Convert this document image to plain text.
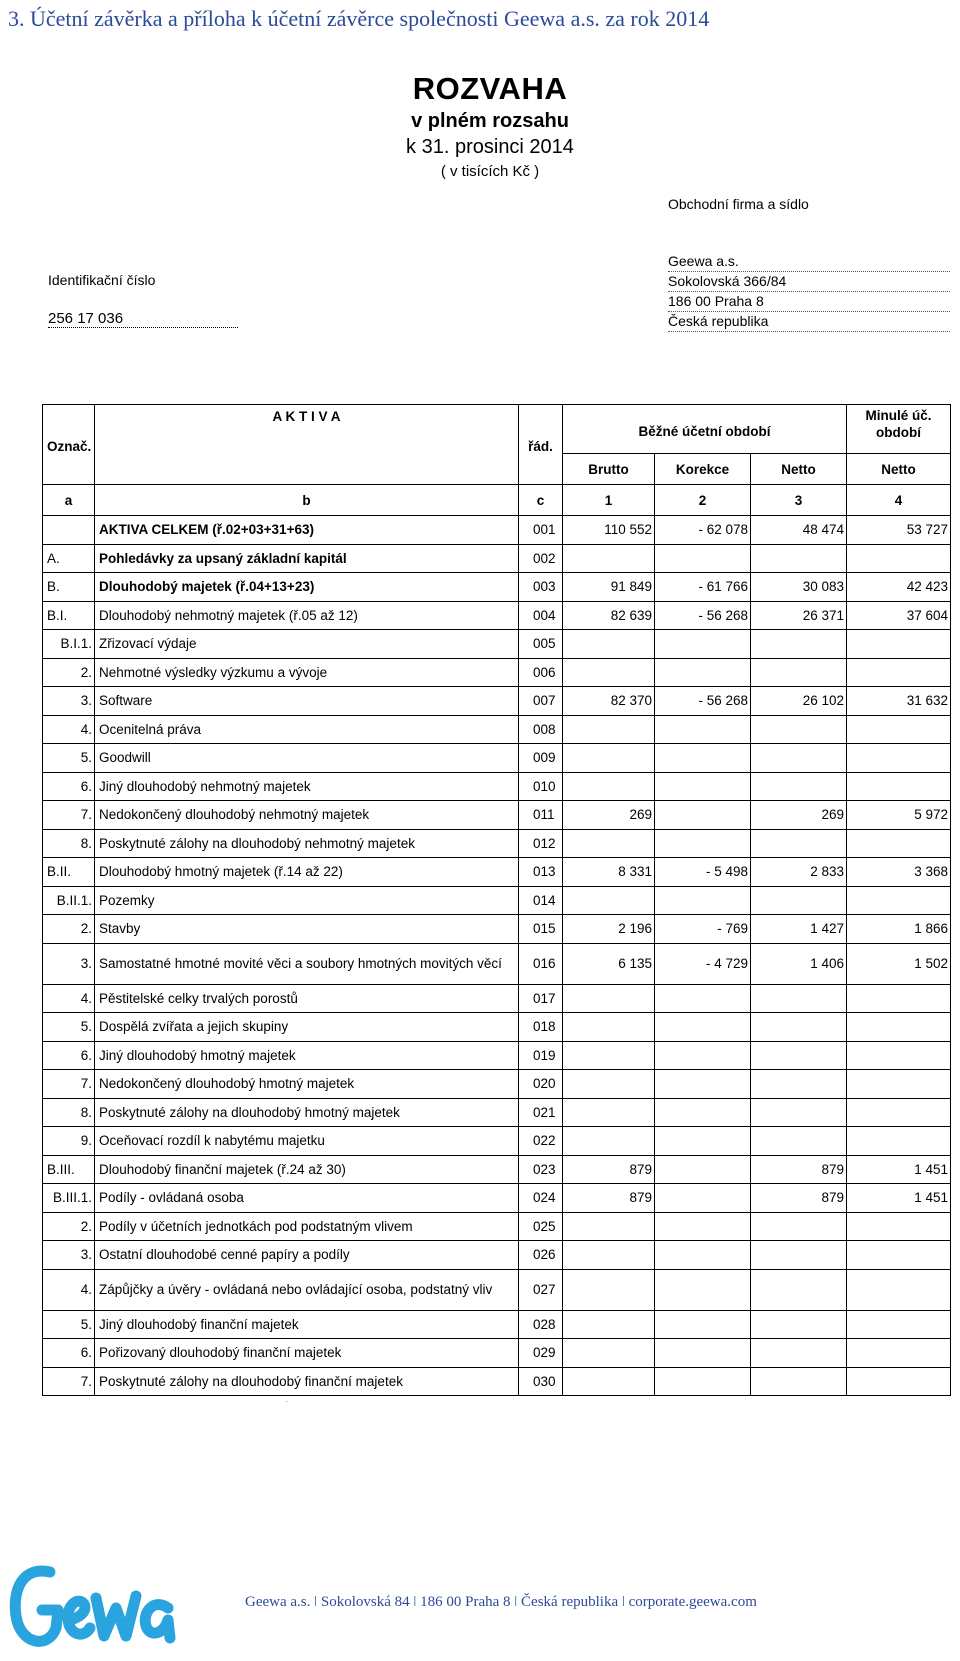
3. Účetní závěrka a příloha k účetní závěrce společnosti Geewa a.s. za rok 2014
ROZVAHA
v plném rozsahu
k 31. prosinci 2014
( v tisících Kč )
Obchodní firma a sídlo
Identifikační číslo
256 17 036
Geewa a.s.
Sokolovská 366/84
186 00 Praha 8
Česká republika
Označ.	A K T I V A	řád.	Běžné účetní období			Minulé úč. období
			Brutto	Korekce	Netto	Netto
a	b	c	1	2	3	4
	AKTIVA CELKEM (ř.02+03+31+63)	001	110 552	- 62 078	48 474	53 727
A.	Pohledávky za upsaný základní kapitál	002				
B.	Dlouhodobý majetek (ř.04+13+23)	003	91 849	- 61 766	30 083	42 423
B.I.	Dlouhodobý nehmotný majetek (ř.05 až 12)	004	82 639	- 56 268	26 371	37 604
B.I.1.	Zřizovací výdaje	005				
2.	Nehmotné výsledky výzkumu a vývoje	006				
3.	Software	007	82 370	- 56 268	26 102	31 632
4.	Ocenitelná práva	008				
5.	Goodwill	009				
6.	Jiný dlouhodobý nehmotný majetek	010				
7.	Nedokončený dlouhodobý nehmotný majetek	011	269		269	5 972
8.	Poskytnuté zálohy na dlouhodobý nehmotný majetek	012				
B.II.	Dlouhodobý hmotný majetek (ř.14 až 22)	013	8 331	- 5 498	2 833	3 368
B.II.1.	Pozemky	014				
2.	Stavby	015	2 196	- 769	1 427	1 866
3.	Samostatné hmotné movité věci a soubory hmotných movitých věcí	016	6 135	- 4 729	1 406	1 502
4.	Pěstitelské celky trvalých porostů	017				
5.	Dospělá zvířata a jejich skupiny	018				
6.	Jiný dlouhodobý hmotný majetek	019				
7.	Nedokončený dlouhodobý hmotný majetek	020				
8.	Poskytnuté zálohy na dlouhodobý hmotný majetek	021				
9.	Oceňovací rozdíl k nabytému majetku	022				
B.III.	Dlouhodobý finanční majetek (ř.24 až 30)	023	879		879	1 451
B.III.1.	Podíly - ovládaná osoba	024	879		879	1 451
2.	Podíly v účetních jednotkách pod podstatným vlivem	025				
3.	Ostatní dlouhodobé cenné papíry a podíly	026				
4.	Zápůjčky a úvěry - ovládaná nebo ovládající osoba, podstatný vliv	027				
5.	Jiný dlouhodobý finanční majetek	028				
6.	Pořizovaný dlouhodobý finanční majetek	029				
7.	Poskytnuté zálohy na dlouhodobý finanční majetek	030				
·
Geewa a.s. ǀ Sokolovská 84 ǀ 186 00 Praha 8 ǀ Česká republika ǀ corporate.geewa.com
